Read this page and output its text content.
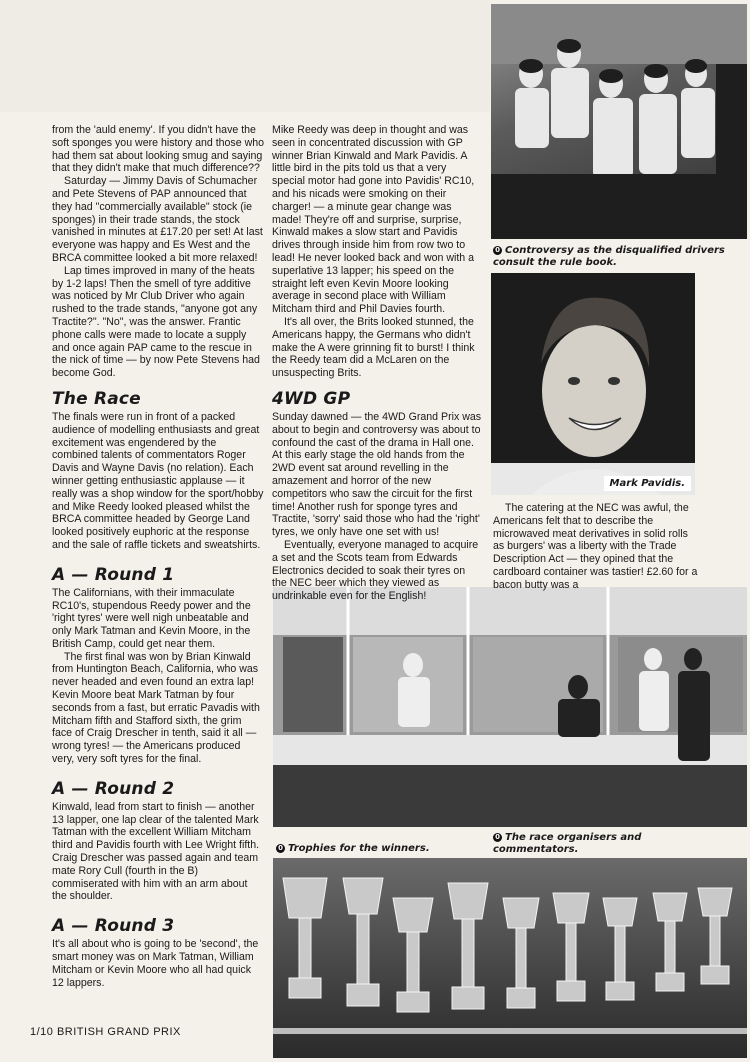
0 Controversy as the disqualified drivers consult the rule book.
Mark Pavidis.
0 Trophies for the winners.
0 The race organisers and commentators.

from the 'auld enemy'. If you didn't have the soft sponges you were history and those who had them sat about looking smug and saying that they didn't make that much difference??

Saturday — Jimmy Davis of Schumacher and Pete Stevens of PAP announced that they had "commercially available" stock (ie sponges) in their trade stands, the stock vanished in minutes at £17.20 per set! At last everyone was happy and Es West and the BRCA committee looked a bit more relaxed!

Lap times improved in many of the heats by 1-2 laps! Then the smell of tyre additive was noticed by Mr Club Driver who again rushed to the trade stands, "anyone got any Tractite?". "No", was the answer. Frantic phone calls were made to locate a supply and once again PAP came to the rescue in the nick of time — by now Pete Stevens had become God.

The Race

The finals were run in front of a packed audience of modelling enthusiasts and great excitement was engendered by the combined talents of commentators Roger Davis and Wayne Davis (no relation). Each winner getting enthusiastic applause — it really was a shop window for the sport/hobby and Mike Reedy looked pleased whilst the BRCA committee headed by George Land looked positively euphoric at the response and the sale of raffle tickets and sweatshirts.

A — Round 1

The Californians, with their immaculate RC10's, stupendous Reedy power and the 'right tyres' were well nigh unbeatable and only Mark Tatman and Kevin Moore, in the British Camp, could get near them.

The first final was won by Brian Kinwald from Huntington Beach, California, who was never headed and even found an extra lap! Kevin Moore beat Mark Tatman by four seconds from a fast, but erratic Pavadis with Mitcham fifth and Stafford sixth, the grim face of Craig Drescher in tenth, said it all — wrong tyres! — the Americans produced very, very soft tyres for the final.

A — Round 2

Kinwald, lead from start to finish — another 13 lapper, one lap clear of the talented Mark Tatman with the excellent William Mitcham third and Pavidis fourth with Lee Wright fifth. Craig Drescher was passed again and team mate Rory Cull (fourth in the B) commiserated with him with an arm about the shoulder.

A — Round 3

It's all about who is going to be 'second', the smart money was on Mark Tatman, William Mitcham or Kevin Moore who all had quick 12 lappers.

Mike Reedy was deep in thought and was seen in concentrated discussion with GP winner Brian Kinwald and Mark Pavidis. A little bird in the pits told us that a very special motor had gone into Pavidis' RC10, and his nicads were smoking on their charger! — a minute gear change was made! They're off and surprise, surprise, Kinwald makes a slow start and Pavidis drives through inside him from row two to lead! He never looked back and won with a superlative 13 lapper; his speed on the straight left even Kevin Moore looking average in second place with William Mitcham third and Phil Davies fourth.

It's all over, the Brits looked stunned, the Americans happy, the Germans who didn't make the A were grinning fit to burst! I think the Reedy team did a McLaren on the unsuspecting Brits.

4WD GP

Sunday dawned — the 4WD Grand Prix was about to begin and controversy was about to confound the cast of the drama in Hall one. At this early stage the old hands from the 2WD event sat around revelling in the amazement and horror of the new competitors who saw the circuit for the first time! Another rush for sponge tyres and Tractite, 'sorry' said those who had the 'right' tyres, we only have one set with us!

Eventually, everyone managed to acquire a set and the Scots team from Edwards Electronics decided to soak their tyres on the NEC beer which they viewed as undrinkable even for the English!

The catering at the NEC was awful, the Americans felt that to describe the microwaved meat derivatives in solid rolls as burgers' was a liberty with the Trade Description Act — they opined that the cardboard container was tastier! £2.60 for a bacon butty was a

1/10 BRITISH GRAND PRIX
